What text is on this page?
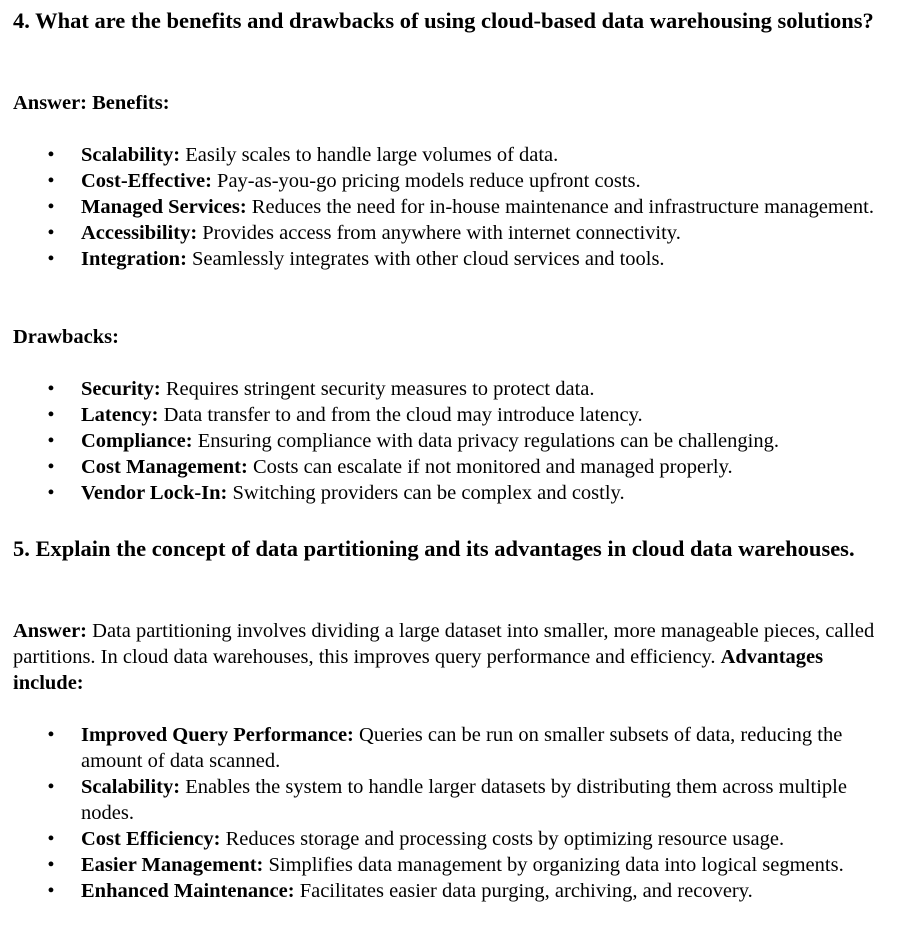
4. What are the benefits and drawbacks of using cloud-based data warehousing solutions?

Answer: Benefits:

• Scalability: Easily scales to handle large volumes of data.
• Cost-Effective: Pay-as-you-go pricing models reduce upfront costs.
• Managed Services: Reduces the need for in-house maintenance and infrastructure management.
• Accessibility: Provides access from anywhere with internet connectivity.
• Integration: Seamlessly integrates with other cloud services and tools.

Drawbacks:

• Security: Requires stringent security measures to protect data.
• Latency: Data transfer to and from the cloud may introduce latency.
• Compliance: Ensuring compliance with data privacy regulations can be challenging.
• Cost Management: Costs can escalate if not monitored and managed properly.
• Vendor Lock-In: Switching providers can be complex and costly.
5. Explain the concept of data partitioning and its advantages in cloud data warehouses.

Answer: Data partitioning involves dividing a large dataset into smaller, more manageable pieces, called partitions. In cloud data warehouses, this improves query performance and efficiency. Advantages include:

• Improved Query Performance: Queries can be run on smaller subsets of data, reducing the amount of data scanned.
• Scalability: Enables the system to handle larger datasets by distributing them across multiple nodes.
• Cost Efficiency: Reduces storage and processing costs by optimizing resource usage.
• Easier Management: Simplifies data management by organizing data into logical segments.
• Enhanced Maintenance: Facilitates easier data purging, archiving, and recovery.
